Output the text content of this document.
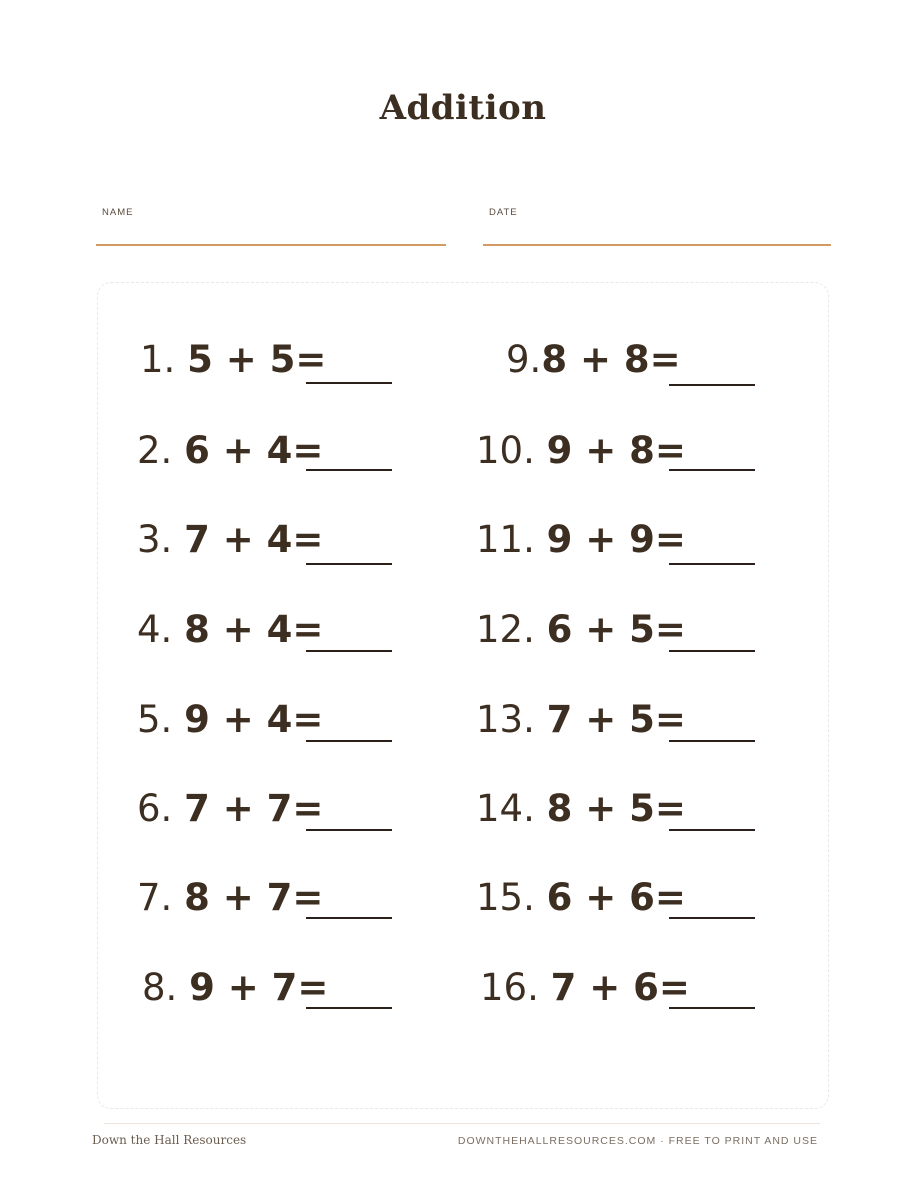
Addition
NAME	DATE
1. 5 + 5=
2. 6 + 4=
3. 7 + 4=
4. 8 + 4=
5. 9 + 4=
6. 7 + 7=
7. 8 + 7=
8. 9 + 7=
9.8 + 8=
10. 9 + 8=
11. 9 + 9=
12. 6 + 5=
13. 7 + 5=
14. 8 + 5=
15. 6 + 6=
16. 7 + 6=
Down the Hall Resources	DOWNTHEHALLRESOURCES.COM · FREE TO PRINT AND USE
